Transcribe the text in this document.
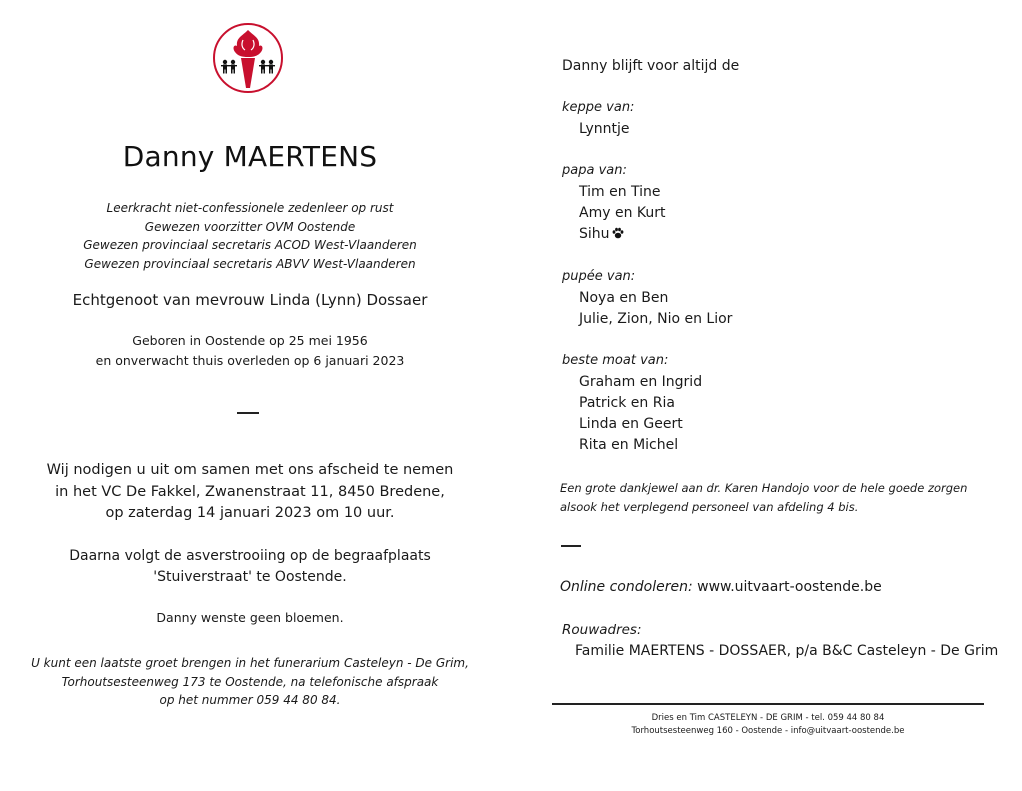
Danny MAERTENS
Leerkracht niet-confessionele zedenleer op rust
Gewezen voorzitter OVM Oostende
Gewezen provinciaal secretaris ACOD West-Vlaanderen
Gewezen provinciaal secretaris ABVV West-Vlaanderen
Echtgenoot van mevrouw Linda (Lynn) Dossaer
Geboren in Oostende op 25 mei 1956
en onverwacht thuis overleden op 6 januari 2023
Wij nodigen u uit om samen met ons afscheid te nemen
in het VC De Fakkel, Zwanenstraat 11, 8450 Bredene,
op zaterdag 14 januari 2023 om 10 uur.
Daarna volgt de asverstrooiing op de begraafplaats
'Stuiverstraat' te Oostende.
Danny wenste geen bloemen.
U kunt een laatste groet brengen in het funerarium Casteleyn - De Grim,
Torhoutsesteenweg 173 te Oostende, na telefonische afspraak
op het nummer 059 44 80 84.
Danny blijft voor altijd de
keppe van:
Lynntje
papa van:
Tim en Tine
Amy en Kurt
Sihu
pupée van:
Noya en Ben
Julie, Zion, Nio en Lior
beste moat van:
Graham en Ingrid
Patrick en Ria
Linda en Geert
Rita en Michel
Een grote dankjewel aan dr. Karen Handojo voor de hele goede zorgen
alsook het verplegend personeel van afdeling 4 bis.
Online condoleren: www.uitvaart-oostende.be
Rouwadres:
Familie MAERTENS - DOSSAER, p/a B&C Casteleyn - De Grim
Dries en Tim CASTELEYN - DE GRIM - tel. 059 44 80 84
Torhoutsesteenweg 160 - Oostende - info@uitvaart-oostende.be
